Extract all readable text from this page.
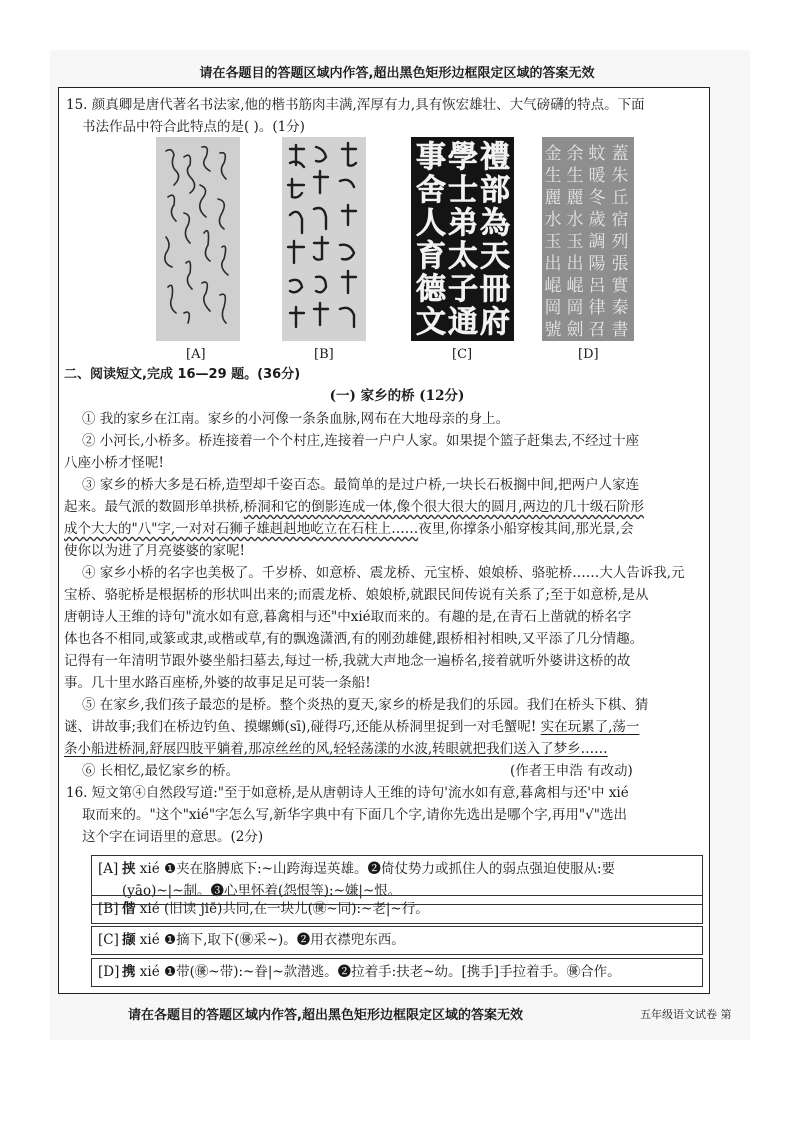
请在各题目的答题区域内作答,超出黑色矩形边框限定区域的答案无效
15. 颜真卿是唐代著名书法家,他的楷书筋肉丰满,浑厚有力,具有恢宏雄壮、大气磅礴的特点。下面
书法作品中符合此特点的是( )。(1分)
禮
部
為
天
冊
府
學
士
弟
太
子
通
事
舍
人
育
德
文
蓋
朱
丘
宿
列
張
實
秦
書
蚊
暖
冬
歲
調
陽
呂
律
召
余
生
麗
水
玉
出
崐
岡
劍
金
生
麗
水
玉
出
崐
岡
號
[A]	[B]	[C]	[D]
二、阅读短文,完成 16—29 题。(36分)
(一) 家乡的桥 (12分)
① 我的家乡在江南。家乡的小河像一条条血脉,网布在大地母亲的身上。
② 小河长,小桥多。桥连接着一个个村庄,连接着一户户人家。如果提个篮子赶集去,不经过十座
八座小桥才怪呢!
③ 家乡的桥大多是石桥,造型却千姿百态。最简单的是过户桥,一块长石板搁中间,把两户人家连
起来。最气派的数圆形单拱桥,桥洞和它的倒影连成一体,像个很大很大的圆月,两边的几十级石阶形
成个大大的"八"字,一对对石狮子雄赳赳地屹立在石柱上……夜里,你撑条小船穿梭其间,那光景,会
使你以为进了月亮婆婆的家呢!
④ 家乡小桥的名字也美极了。千岁桥、如意桥、震龙桥、元宝桥、娘娘桥、骆驼桥……大人告诉我,元
宝桥、骆驼桥是根据桥的形状叫出来的;而震龙桥、娘娘桥,就跟民间传说有关系了;至于如意桥,是从
唐朝诗人王维的诗句"流水如有意,暮禽相与还"中xié取而来的。有趣的是,在青石上凿就的桥名字
体也各不相同,或篆或隶,或楷或草,有的飘逸潇洒,有的刚劲雄健,跟桥相衬相映,又平添了几分情趣。
记得有一年清明节跟外婆坐船扫墓去,每过一桥,我就大声地念一遍桥名,接着就听外婆讲这桥的故
事。几十里水路百座桥,外婆的故事足足可装一条船!
⑤ 在家乡,我们孩子最恋的是桥。整个炎热的夏天,家乡的桥是我们的乐园。我们在桥头下棋、猜
谜、讲故事;我们在桥边钓鱼、摸螺蛳(sī),碰得巧,还能从桥洞里捉到一对毛蟹呢! 实在玩累了,荡一
条小船进桥洞,舒展四肢平躺着,那凉丝丝的风,轻轻荡漾的水波,转眼就把我们送入了梦乡……
⑥ 长相忆,最忆家乡的桥。	(作者王申浩 有改动)
16. 短文第④自然段写道:"至于如意桥,是从唐朝诗人王维的诗句'流水如有意,暮禽相与还'中 xié
取而来的。"这个"xié"字怎么写,新华字典中有下面几个字,请你先选出是哪个字,再用"√"选出
这个字在词语里的意思。(2分)
[A] 挟 xié ❶夹在胳膊底下:~山跨海逞英雄。❷倚仗势力或抓住人的弱点强迫使服从:要
(yāo)~|~制。❸心里怀着(怨恨等):~嫌|~恨。
[B] 偕 xié (旧读 jiē)共同,在一块儿(㊝~同):~老|~行。
[C] 撷 xié ❶摘下,取下(㊝采~)。❷用衣襟兜东西。
[D] 携 xié ❶带(㊝~带):~眷|~款潜逃。❷拉着手:扶老~幼。[携手]手拉着手。㊝合作。
请在各题目的答题区域内作答,超出黑色矩形边框限定区域的答案无效	五年级语文试卷 第
